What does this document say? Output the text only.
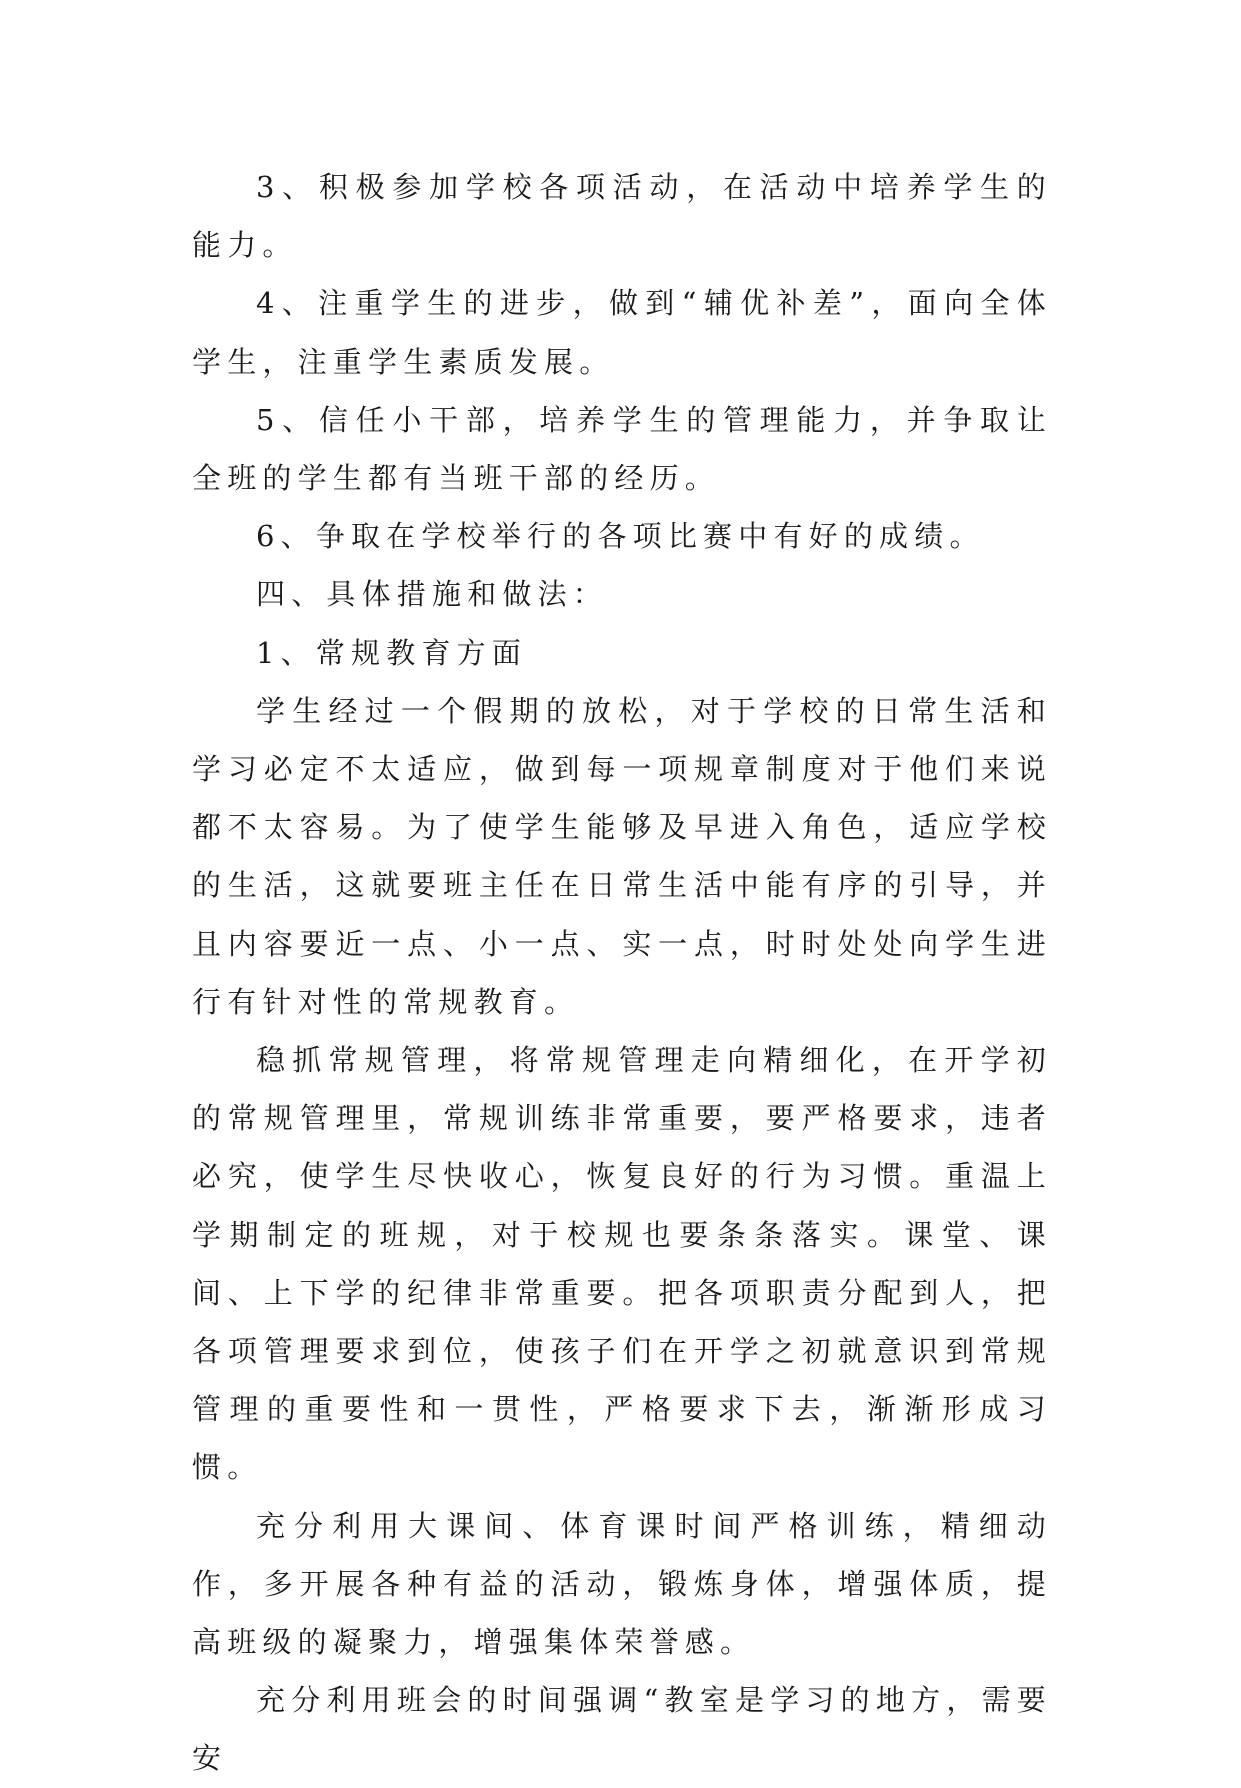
3、积极参加学校各项活动，在活动中培养学生的能力。

4、注重学生的进步，做到“辅优补差”，面向全体学生，注重学生素质发展。

5、信任小干部，培养学生的管理能力，并争取让全班的学生都有当班干部的经历。

6、争取在学校举行的各项比赛中有好的成绩。

四、具体措施和做法：

1、常规教育方面

学生经过一个假期的放松，对于学校的日常生活和学习必定不太适应，做到每一项规章制度对于他们来说都不太容易。为了使学生能够及早进入角色，适应学校的生活，这就要班主任在日常生活中能有序的引导，并且内容要近一点、小一点、实一点，时时处处向学生进行有针对性的常规教育。

稳抓常规管理，将常规管理走向精细化，在开学初的常规管理里，常规训练非常重要，要严格要求，违者必究，使学生尽快收心，恢复良好的行为习惯。重温上学期制定的班规，对于校规也要条条落实。课堂、课间、上下学的纪律非常重要。把各项职责分配到人，把各项管理要求到位，使孩子们在开学之初就意识到常规管理的重要性和一贯性，严格要求下去，渐渐形成习惯。

充分利用大课间、体育课时间严格训练，精细动作，多开展各种有益的活动，锻炼身体，增强体质，提高班级的凝聚力，增强集体荣誉感。

充分利用班会的时间强调“教室是学习的地方，需要安
